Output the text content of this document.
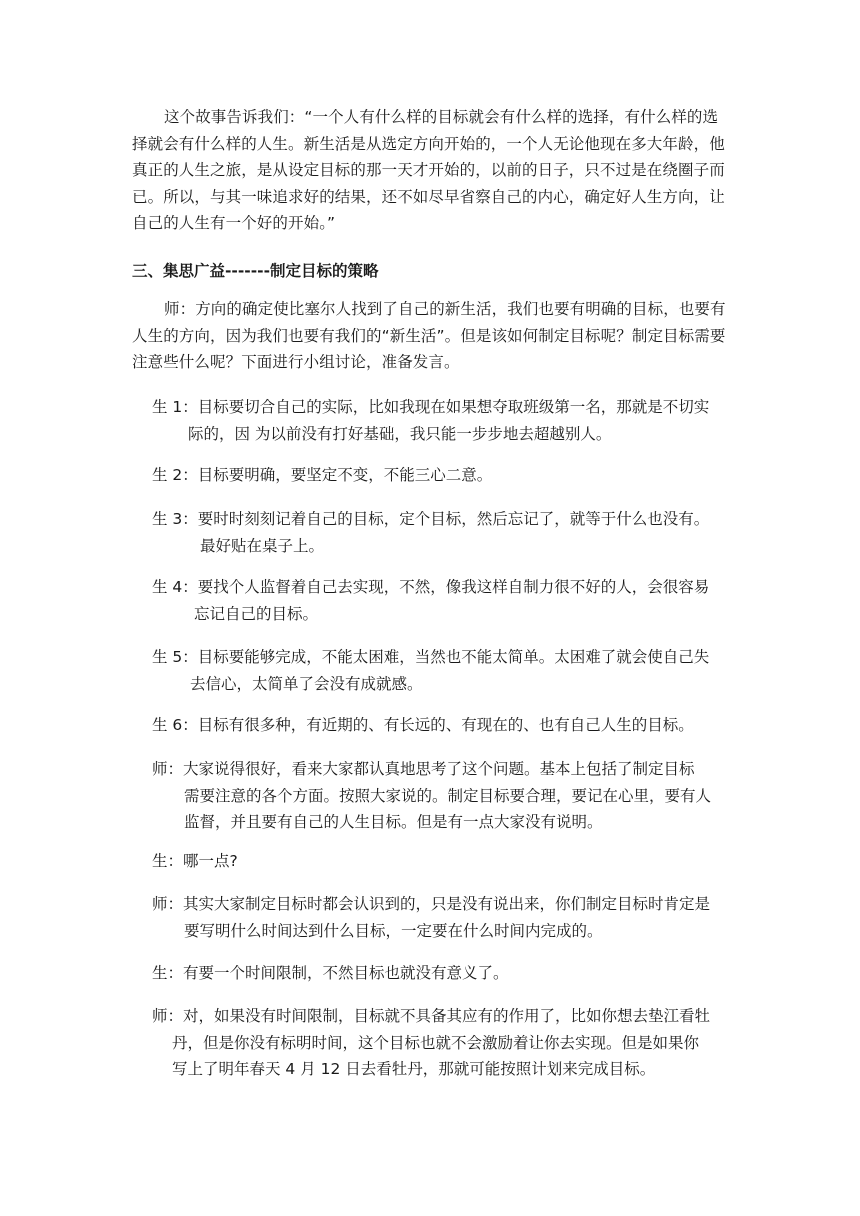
这个故事告诉我们：“一个人有什么样的目标就会有什么样的选择，有什么样的选择就会有什么样的人生。新生活是从选定方向开始的，一个人无论他现在多大年龄，他真正的人生之旅，是从设定目标的那一天才开始的，以前的日子，只不过是在绕圈子而已。所以，与其一味追求好的结果，还不如尽早省察自己的内心，确定好人生方向，让自己的人生有一个好的开始。”
三、集思广益-------制定目标的策略
师：方向的确定使比塞尔人找到了自己的新生活，我们也要有明确的目标，也要有人生的方向，因为我们也要有我们的“新生活”。但是该如何制定目标呢？制定目标需要注意些什么呢？下面进行小组讨论，准备发言。
生 1：目标要切合自己的实际，比如我现在如果想夺取班级第一名，那就是不切实
际的，因 为以前没有打好基础，我只能一步步地去超越别人。
生 2：目标要明确，要坚定不变，不能三心二意。
生 3：要时时刻刻记着自己的目标，定个目标，然后忘记了，就等于什么也没有。
最好贴在桌子上。
生 4：要找个人监督着自己去实现，不然，像我这样自制力很不好的人，会很容易
忘记自己的目标。
生 5：目标要能够完成，不能太困难，当然也不能太简单。太困难了就会使自己失
去信心，太简单了会没有成就感。
生 6：目标有很多种，有近期的、有长远的、有现在的、也有自己人生的目标。
师：大家说得很好，看来大家都认真地思考了这个问题。基本上包括了制定目标
需要注意的各个方面。按照大家说的。制定目标要合理，要记在心里，要有人
监督，并且要有自己的人生目标。但是有一点大家没有说明。
生：哪一点?
师：其实大家制定目标时都会认识到的，只是没有说出来，你们制定目标时肯定是
要写明什么时间达到什么目标，一定要在什么时间内完成的。
生：有要一个时间限制，不然目标也就没有意义了。
师：对，如果没有时间限制，目标就不具备其应有的作用了，比如你想去垫江看牡
丹，但是你没有标明时间，这个目标也就不会激励着让你去实现。但是如果你
写上了明年春天 4 月 12 日去看牡丹，那就可能按照计划来完成目标。
